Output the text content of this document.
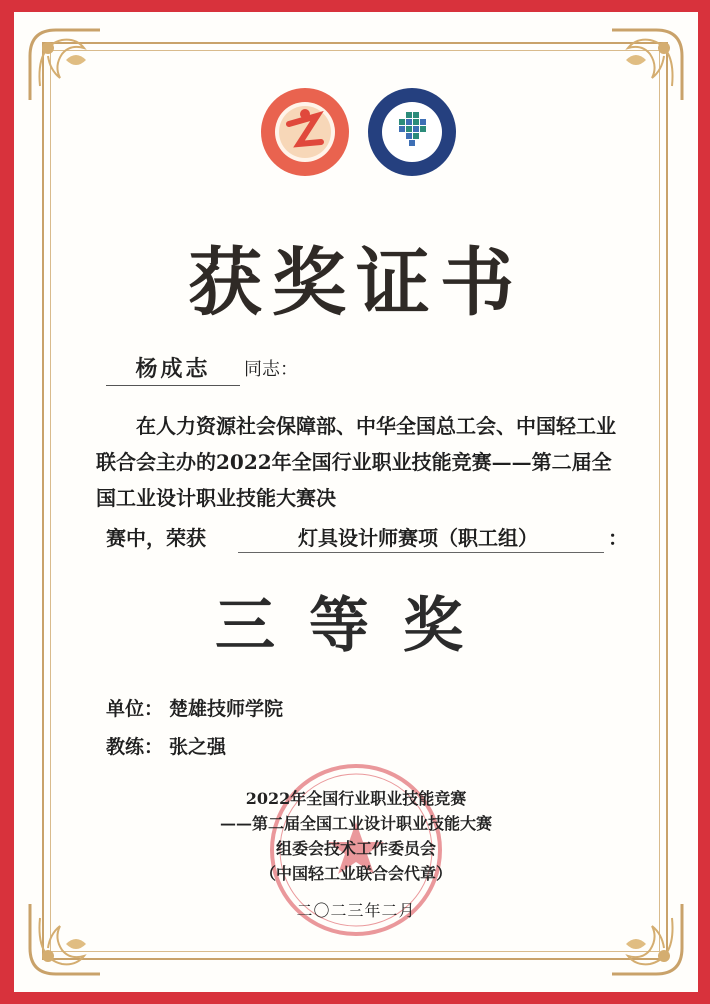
获奖证书
杨成志	同志：

在人力资源社会保障部、中华全国总工会、中国轻工业联合会主办的2022年全国行业职业技能竞赛——第二届全国工业设计职业技能大赛决

赛中，荣获	灯具设计师赛项（职工组）	：
三等奖
单位： 楚雄技师学院
教练： 张之强
2022年全国行业职业技能竞赛
——第二届全国工业设计职业技能大赛
组委会技术工作委员会
（中国轻工业联合会代章）
二〇二三年二月
